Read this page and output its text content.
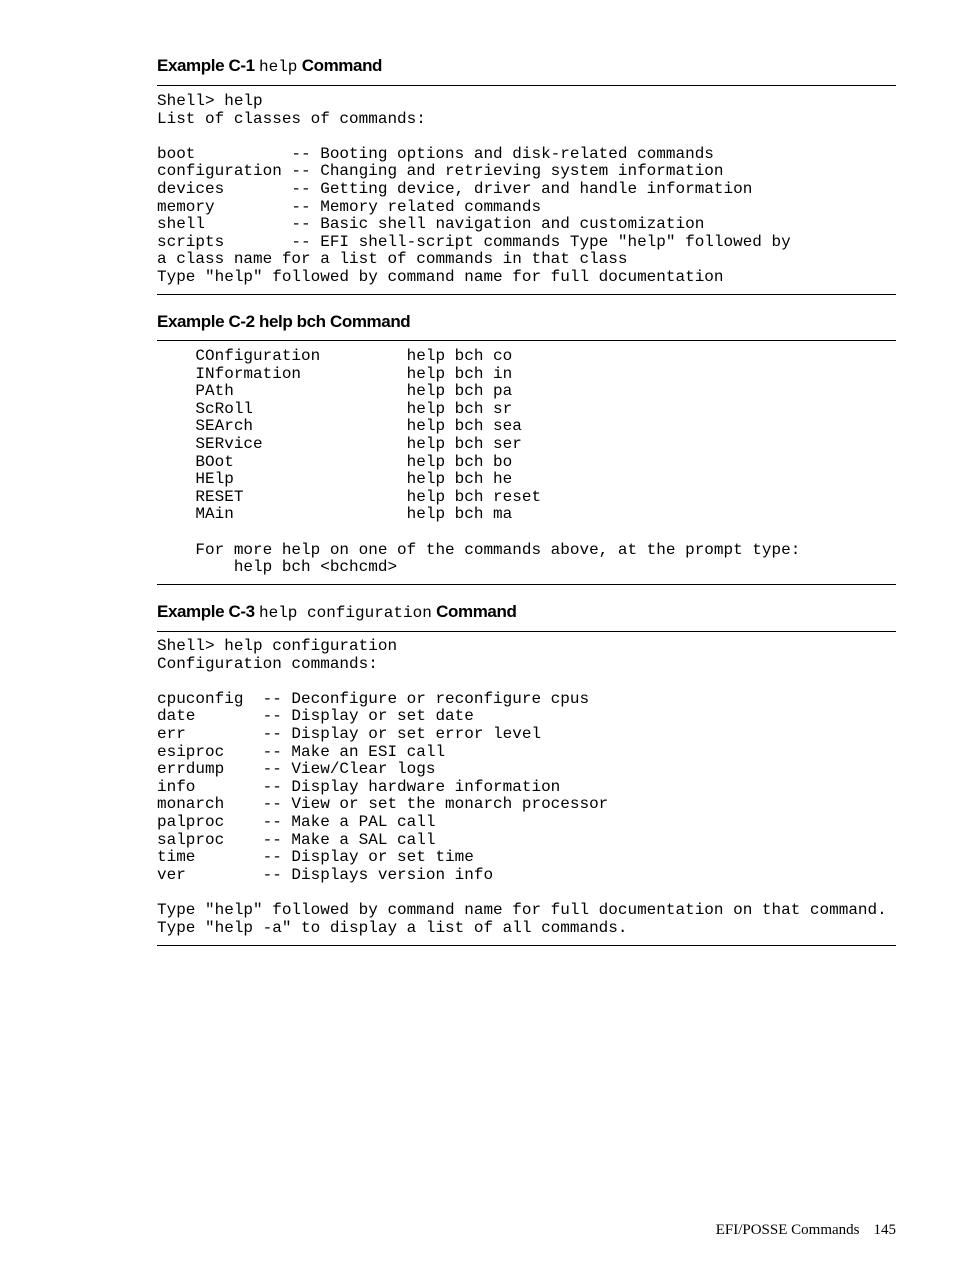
Example C-1 help Command
Shell> help
List of classes of commands:

boot          -- Booting options and disk-related commands
configuration -- Changing and retrieving system information
devices       -- Getting device, driver and handle information
memory        -- Memory related commands
shell         -- Basic shell navigation and customization
scripts       -- EFI shell-script commands Type "help" followed by
a class name for a list of commands in that class
Type "help" followed by command name for full documentation
Example C-2 help bch Command
COnfiguration         help bch co
INformation           help bch in
PAth                  help bch pa
ScRoll                help bch sr
SEArch                help bch sea
SERvice               help bch ser
BOot                  help bch bo
HElp                  help bch he
RESET                 help bch reset
MAin                  help bch ma

For more help on one of the commands above, at the prompt type:
help bch <bchcmd>
Example C-3 help configuration Command
Shell> help configuration
Configuration commands:

cpuconfig  -- Deconfigure or reconfigure cpus
date       -- Display or set date
err        -- Display or set error level
esiproc    -- Make an ESI call
errdump    -- View/Clear logs
info       -- Display hardware information
monarch    -- View or set the monarch processor
palproc    -- Make a PAL call
salproc    -- Make a SAL call
time       -- Display or set time
ver        -- Displays version info

Type "help" followed by command name for full documentation on that command.
Type "help -a" to display a list of all commands.
EFI/POSSE Commands 145
